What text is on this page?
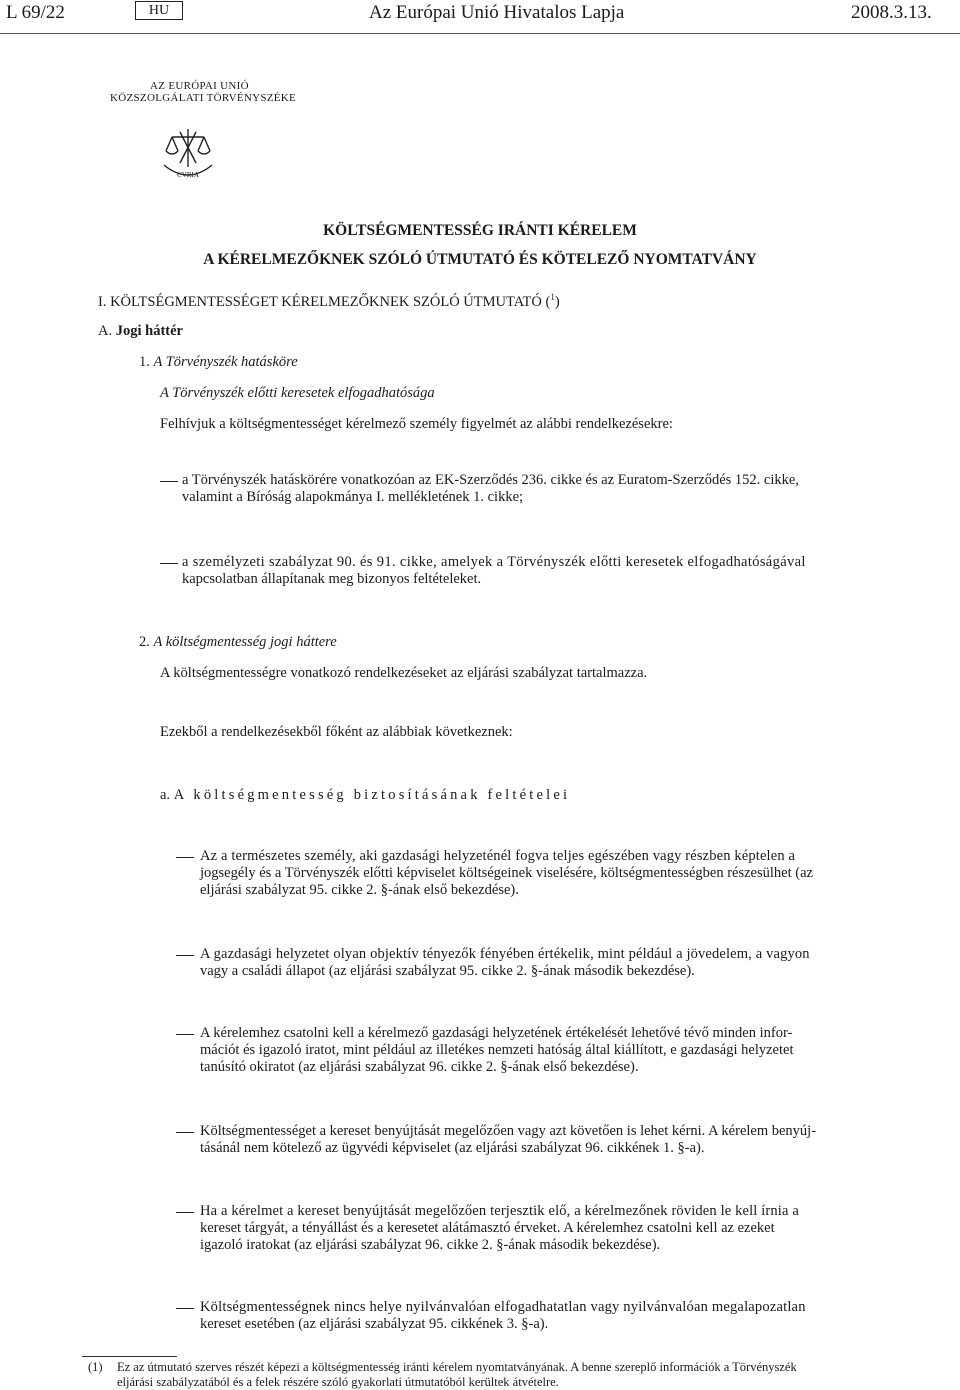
L 69/22	HU	Az Európai Unió Hivatalos Lapja	2008.3.13.
AZ EURÓPAI UNIÓ
KÖZSZOLGÁLATI TÖRVÉNYSZÉKE
CVRIA
KÖLTSÉGMENTESSÉG IRÁNTI KÉRELEM
A KÉRELMEZŐKNEK SZÓLÓ ÚTMUTATÓ ÉS KÖTELEZŐ NYOMTATVÁNY
I. KÖLTSÉGMENTESSÉGET KÉRELMEZŐKNEK SZÓLÓ ÚTMUTATÓ ($^1$)
A. Jogi háttér
1. A Törvényszék hatásköre
A Törvényszék előtti keresetek elfogadhatósága
Felhívjuk a költségmentességet kérelmező személy figyelmét az alábbi rendelkezésekre:
a Törvényszék hatáskörére vonatkozóan az EK-Szerződés 236. cikke és az Euratom-Szerződés 152. cikke,
valamint a Bíróság alapokmánya I. mellékletének 1. cikke;
a személyzeti szabályzat 90. és 91. cikke, amelyek a Törvényszék előtti keresetek elfogadhatóságával
kapcsolatban állapítanak meg bizonyos feltételeket.
2. A költségmentesség jogi háttere
A költségmentességre vonatkozó rendelkezéseket az eljárási szabályzat tartalmazza.
Ezekből a rendelkezésekből főként az alábbiak következnek:
a. A költségmentesség biztosításának feltételei
Az a természetes személy, aki gazdasági helyzeténél fogva teljes egészében vagy részben képtelen a
jogsegély és a Törvényszék előtti képviselet költségeinek viselésére, költségmentességben részesülhet (az
eljárási szabályzat 95. cikke 2. §-ának első bekezdése).
A gazdasági helyzetet olyan objektív tényezők fényében értékelik, mint például a jövedelem, a vagyon
vagy a családi állapot (az eljárási szabályzat 95. cikke 2. §-ának második bekezdése).
A kérelemhez csatolni kell a kérelmező gazdasági helyzetének értékelését lehetővé tévő minden infor-
mációt és igazoló iratot, mint például az illetékes nemzeti hatóság által kiállított, e gazdasági helyzetet
tanúsító okiratot (az eljárási szabályzat 96. cikke 2. §-ának első bekezdése).
Költségmentességet a kereset benyújtását megelőzően vagy azt követően is lehet kérni. A kérelem benyúj-
tásánál nem kötelező az ügyvédi képviselet (az eljárási szabályzat 96. cikkének 1. §-a).
Ha a kérelmet a kereset benyújtását megelőzően terjesztik elő, a kérelmezőnek röviden le kell írnia a
kereset tárgyát, a tényállást és a keresetet alátámasztó érveket. A kérelemhez csatolni kell az ezeket
igazoló iratokat (az eljárási szabályzat 96. cikke 2. §-ának második bekezdése).
Költségmentességnek nincs helye nyilvánvalóan elfogadhatatlan vagy nyilvánvalóan megalapozatlan
kereset esetében (az eljárási szabályzat 95. cikkének 3. §-a).
(1) Ez az útmutató szerves részét képezi a költségmentesség iránti kérelem nyomtatványának. A benne szereplő információk a Törvényszék
eljárási szabályzatából és a felek részére szóló gyakorlati útmutatóból kerültek átvételre.
